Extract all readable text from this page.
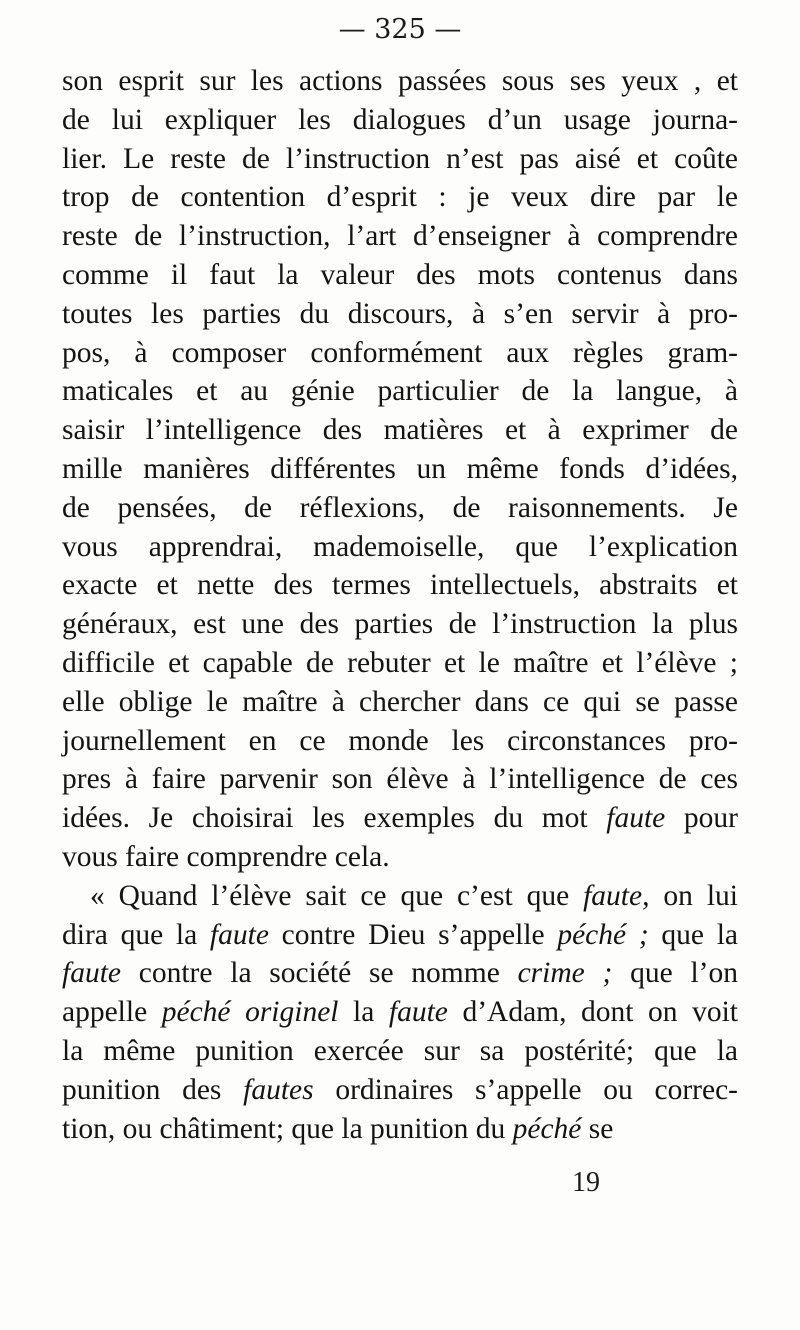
— 325 —
son esprit sur les actions passées sous ses yeux , et
de lui expliquer les dialogues d’un usage journa-
lier. Le reste de l’instruction n’est pas aisé et coûte
trop de contention d’esprit : je veux dire par le
reste de l’instruction, l’art d’enseigner à comprendre
comme il faut la valeur des mots contenus dans
toutes les parties du discours, à s’en servir à pro-
pos, à composer conformément aux règles gram-
maticales et au génie particulier de la langue, à
saisir l’intelligence des matières et à exprimer de
mille manières différentes un même fonds d’idées,
de pensées, de réflexions, de raisonnements. Je
vous apprendrai, mademoiselle, que l’explication
exacte et nette des termes intellectuels, abstraits et
généraux, est une des parties de l’instruction la plus
difficile et capable de rebuter et le maître et l’élève ;
elle oblige le maître à chercher dans ce qui se passe
journellement en ce monde les circonstances pro-
pres à faire parvenir son élève à l’intelligence de ces
idées. Je choisirai les exemples du mot faute pour
vous faire comprendre cela.
« Quand l’élève sait ce que c’est que faute, on lui
dira que la faute contre Dieu s’appelle péché ; que la
faute contre la société se nomme crime ; que l’on
appelle péché originel la faute d’Adam, dont on voit
la même punition exercée sur sa postérité; que la
punition des fautes ordinaires s’appelle ou correc-
tion, ou châtiment; que la punition du péché se
19
